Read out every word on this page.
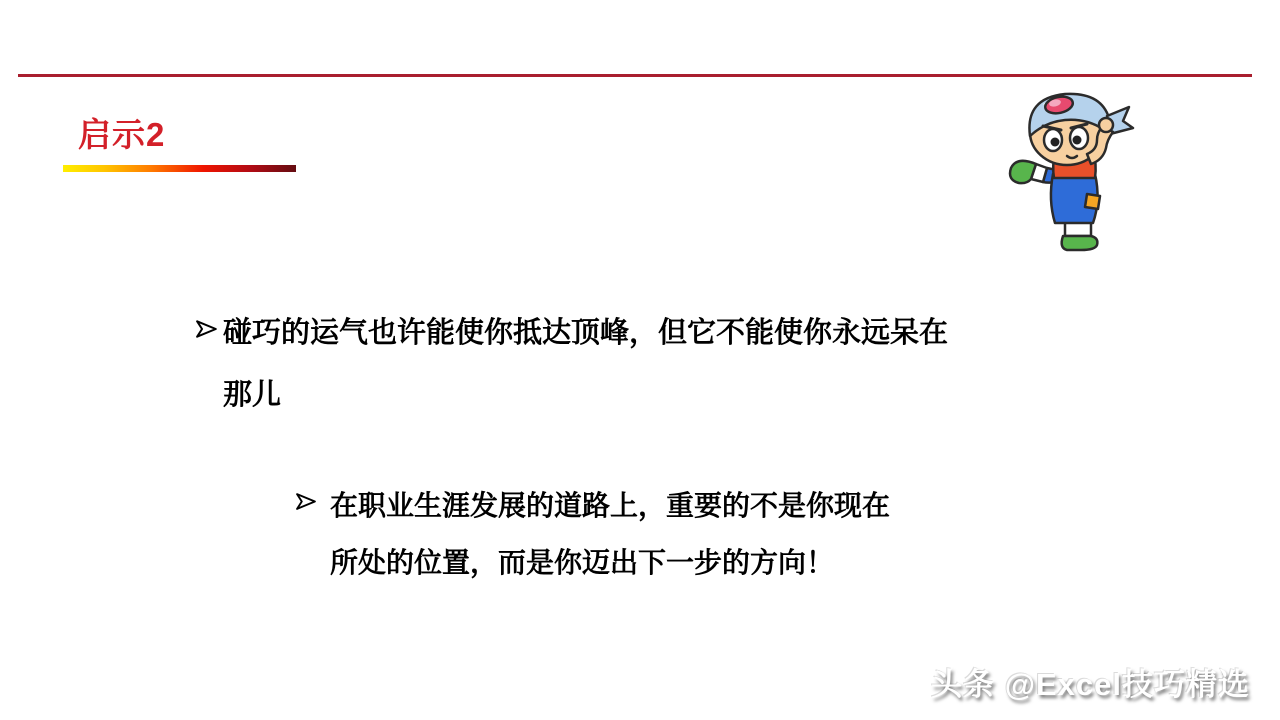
启示2
碰巧的运气也许能使你抵达顶峰，但它不能使你永远呆在
那儿
在职业生涯发展的道路上，重要的不是你现在
所处的位置，而是你迈出下一步的方向！
头条 @Excel技巧精选
